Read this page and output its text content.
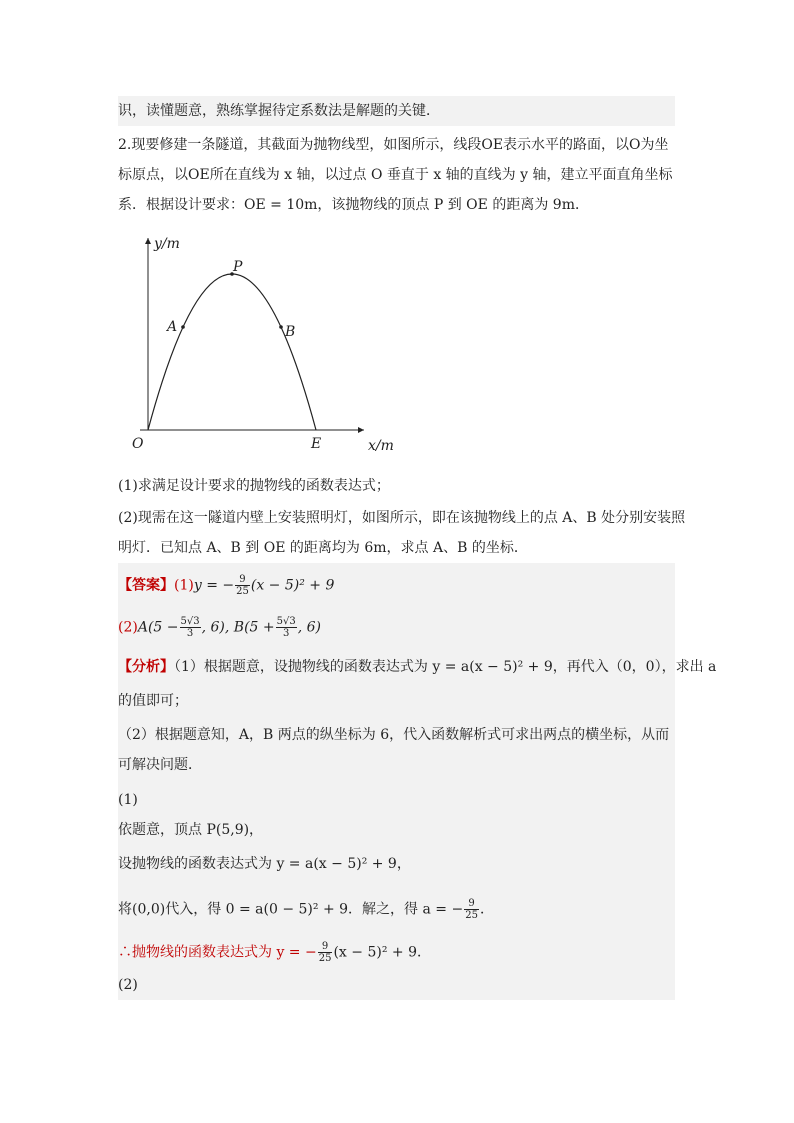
识，读懂题意，熟练掌握待定系数法是解题的关键．
2.现要修建一条隧道，其截面为抛物线型，如图所示，线段OE表示水平的路面，以O为坐
标原点，以OE所在直线为 x 轴，以过点 O 垂直于 x 轴的直线为 y 轴，建立平面直角坐标
系．根据设计要求：OE = 10m，该抛物线的顶点 P 到 OE 的距离为 9m．
(1)求满足设计要求的抛物线的函数表达式；
(2)现需在这一隧道内壁上安装照明灯，如图所示，即在该抛物线上的点 A、B 处分别安装照
明灯．已知点 A、B 到 OE 的距离均为 6m，求点 A、B 的坐标．
【答案】(1)y = − $\frac{9}{25} (x - 5)^2 + 9$
$(2)A(5 - \frac{5√3}{3}$ , 6), $B(5 + \frac{5√3}{3}$ , 6)
【分析】（1）根据题意，设抛物线的函数表达式为 y = a(x − 5)² + 9，再代入（0，0），求出 a
的值即可；
（2）根据题意知，A，B 两点的纵坐标为 6，代入函数解析式可求出两点的横坐标，从而
可解决问题．
(1)
依题意，顶点 P(5,9)，
设抛物线的函数表达式为 y = a(x − 5)² + 9，
将(0,0)代入，得 0 = a(0 − 5)² + 9．解之，得 a = − $\frac{9}{25}$ ．
∴抛物线的函数表达式为 y = − $\frac{9}{25} (x - 5)^2 + 9$．
(2)
y/m
x/m
O
P
A	B
E
